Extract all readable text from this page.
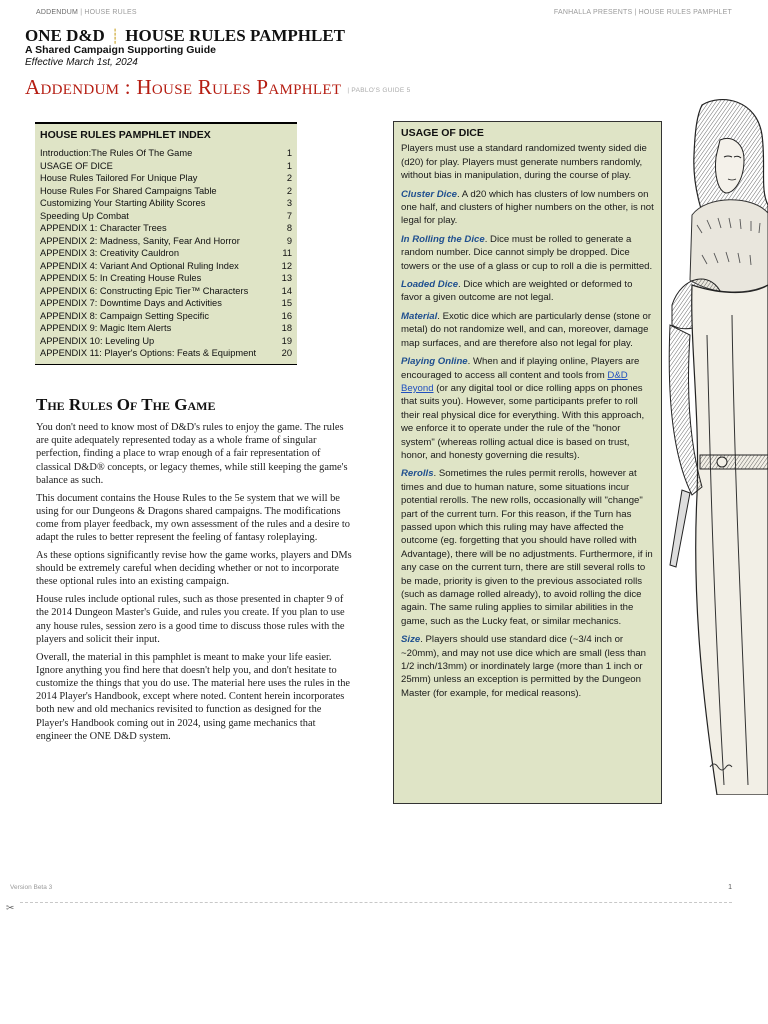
ADDENDUM | HOUSE RULES	FANHALLA PRESENTS | HOUSE RULES PAMPHLET
ONE D&D ┊ HOUSE RULES PAMPHLET
A Shared Campaign Supporting Guide
Effective March 1st, 2024
Addendum : House Rules Pamphlet | PABLO'S GUIDE 5
HOUSE RULES PAMPHLET INDEX
Introduction:The Rules Of The Game	1
USAGE OF DICE	1
House Rules Tailored For Unique Play	2
House Rules For Shared Campaigns Table	2
Customizing Your Starting Ability Scores	3
Speeding Up Combat	7
APPENDIX 1: Character Trees	8
APPENDIX 2: Madness, Sanity, Fear And Horror	9
APPENDIX 3: Creativity Cauldron	11
APPENDIX 4: Variant And Optional Ruling Index	12
APPENDIX 5: In Creating House Rules	13
APPENDIX 6: Constructing Epic Tier™ Characters	14
APPENDIX 7: Downtime Days and Activities	15
APPENDIX 8: Campaign Setting Specific	16
APPENDIX 9: Magic Item Alerts	18
APPENDIX 10: Leveling Up	19
APPENDIX 11: Player's Options: Feats & Equipment	20
The Rules Of The Game

You don't need to know most of D&D's rules to enjoy the game. The rules are quite adequately represented today as a whole frame of singular perfection, finding a place to wrap enough of a fair representation of classical D&D® concepts, or legacy themes, while still keeping the game's balance as such.

This document contains the House Rules to the 5e system that we will be using for our Dungeons & Dragons shared campaigns. The modifications come from player feedback, my own assessment of the rules and a desire to adapt the rules to better represent the feeling of fantasy roleplaying.

As these options significantly revise how the game works, players and DMs should be extremely careful when deciding whether or not to incorporate these optional rules into an existing campaign.

House rules include optional rules, such as those presented in chapter 9 of the 2014 Dungeon Master's Guide, and rules you create. If you plan to use any house rules, session zero is a good time to discuss those rules with the players and solicit their input.

Overall, the material in this pamphlet is meant to make your life easier. Ignore anything you find here that doesn't help you, and don't hesitate to customize the things that you do use. The material here uses the rules in the 2014 Player's Handbook, except where noted. Content herein incorporates both new and old mechanics revisited to function as designed for the Player's Handbook coming out in 2024, using game mechanics that engineer the ONE D&D system.

USAGE OF DICE

Players must use a standard randomized twenty sided die (d20) for play. Players must generate numbers randomly, without bias in manipulation, during the course of play.

Cluster Dice. A d20 which has clusters of low numbers on one half, and clusters of higher numbers on the other, is not legal for play.

In Rolling the Dice. Dice must be rolled to generate a random number. Dice cannot simply be dropped. Dice towers or the use of a glass or cup to roll a die is permitted.

Loaded Dice. Dice which are weighted or deformed to favor a given outcome are not legal.

Material. Exotic dice which are particularly dense (stone or metal) do not randomize well, and can, moreover, damage map surfaces, and are therefore also not legal for play.

Playing Online. When and if playing online, Players are encouraged to access all content and tools from D&D Beyond (or any digital tool or dice rolling apps on phones that suits you). However, some participants prefer to roll their real physical dice for everything. With this approach, we enforce it to operate under the rule of the "honor system" (whereas rolling actual dice is based on trust, honor, and honesty governing die results).

Rerolls. Sometimes the rules permit rerolls, however at times and due to human nature, some situations incur potential rerolls. The new rolls, occasionally will "change" part of the current turn. For this reason, if the Turn has passed upon which this ruling may have affected the outcome (eg. forgetting that you should have rolled with Advantage), there will be no adjustments. Furthermore, if in any case on the current turn, there are still several rolls to be made, priority is given to the previous associated rolls (such as damage rolled already), to avoid rolling the dice again. The same ruling applies to similar abilities in the game, such as the Lucky feat, or similar mechanics.

Size. Players should use standard dice (~3/4 inch or ~20mm), and may not use dice which are small (less than 1/2 inch/13mm) or inordinately large (more than 1 inch or 25mm) unless an exception is permitted by the Dungeon Master (for example, for medical reasons).

Version Beta 3	1
✂
